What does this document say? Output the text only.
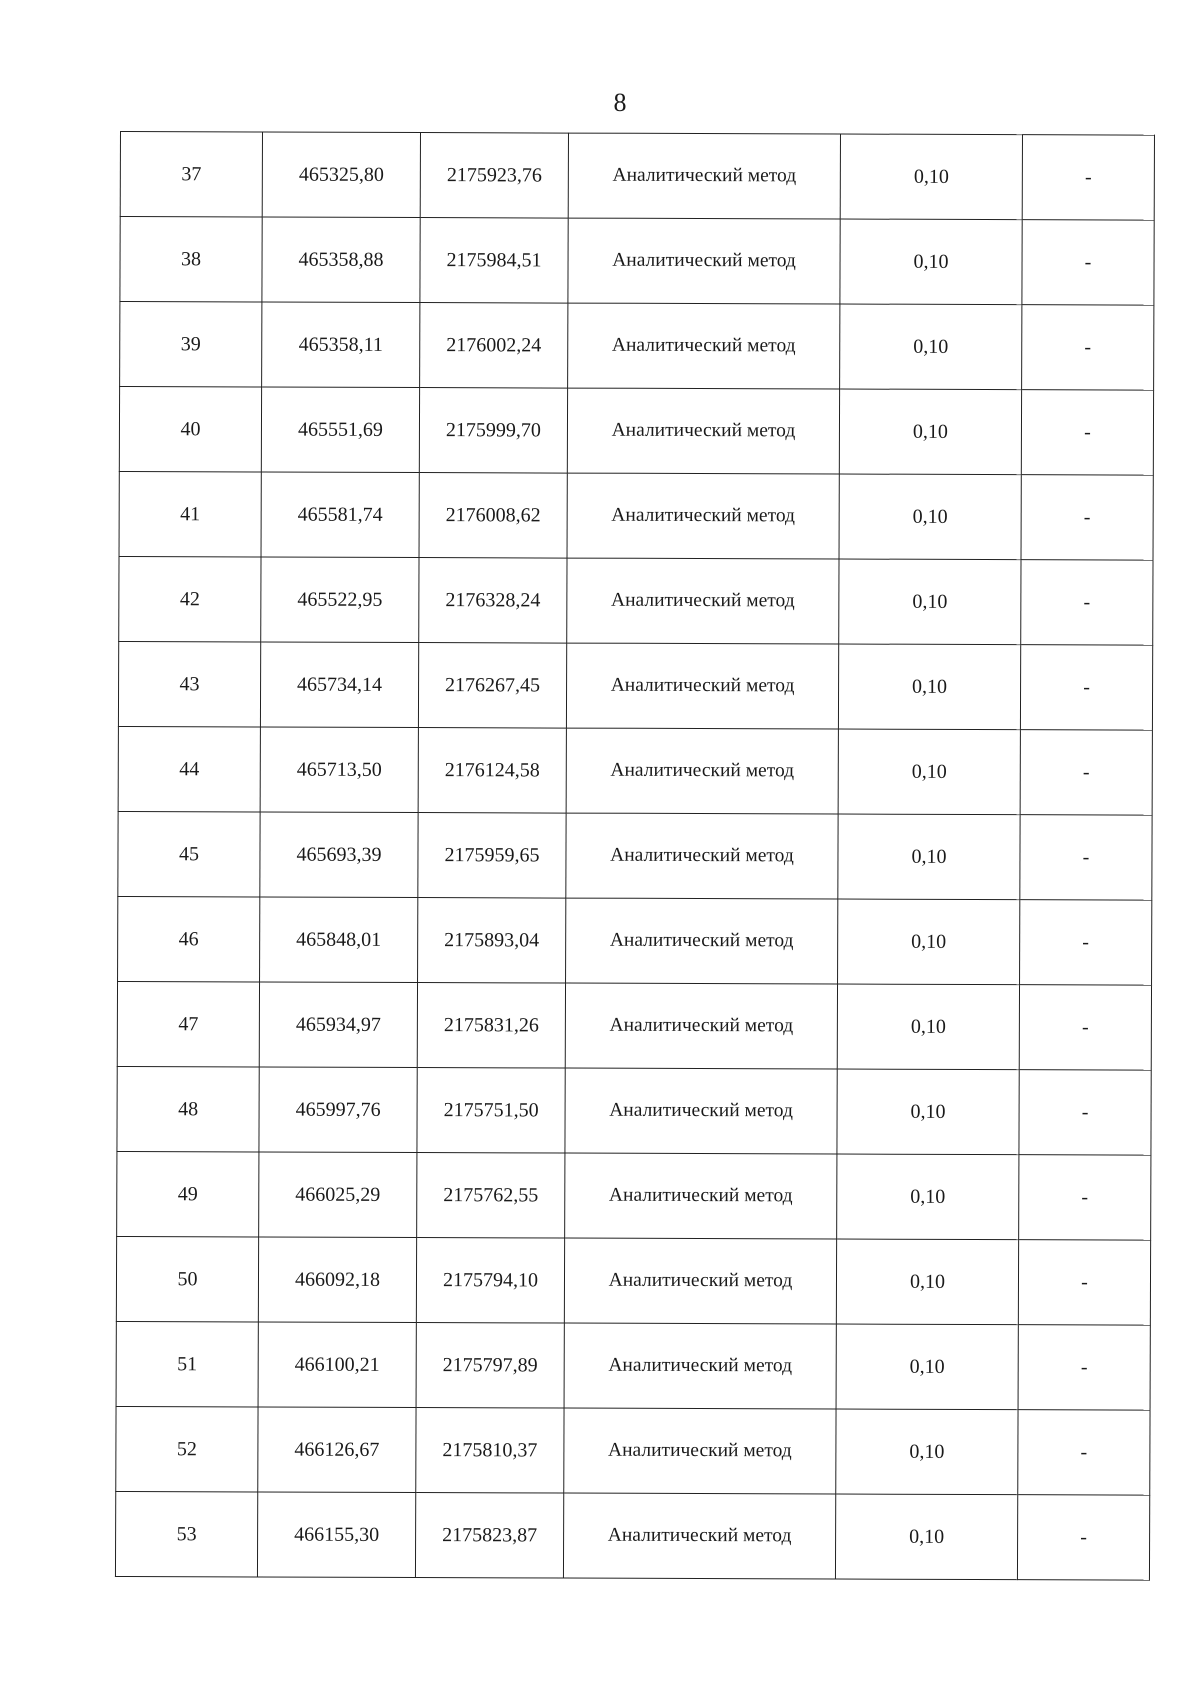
8
37	465325,80	2175923,76	Аналитический метод	0,10	-
38	465358,88	2175984,51	Аналитический метод	0,10	-
39	465358,11	2176002,24	Аналитический метод	0,10	-
40	465551,69	2175999,70	Аналитический метод	0,10	-
41	465581,74	2176008,62	Аналитический метод	0,10	-
42	465522,95	2176328,24	Аналитический метод	0,10	-
43	465734,14	2176267,45	Аналитический метод	0,10	-
44	465713,50	2176124,58	Аналитический метод	0,10	-
45	465693,39	2175959,65	Аналитический метод	0,10	-
46	465848,01	2175893,04	Аналитический метод	0,10	-
47	465934,97	2175831,26	Аналитический метод	0,10	-
48	465997,76	2175751,50	Аналитический метод	0,10	-
49	466025,29	2175762,55	Аналитический метод	0,10	-
50	466092,18	2175794,10	Аналитический метод	0,10	-
51	466100,21	2175797,89	Аналитический метод	0,10	-
52	466126,67	2175810,37	Аналитический метод	0,10	-
53	466155,30	2175823,87	Аналитический метод	0,10	-
